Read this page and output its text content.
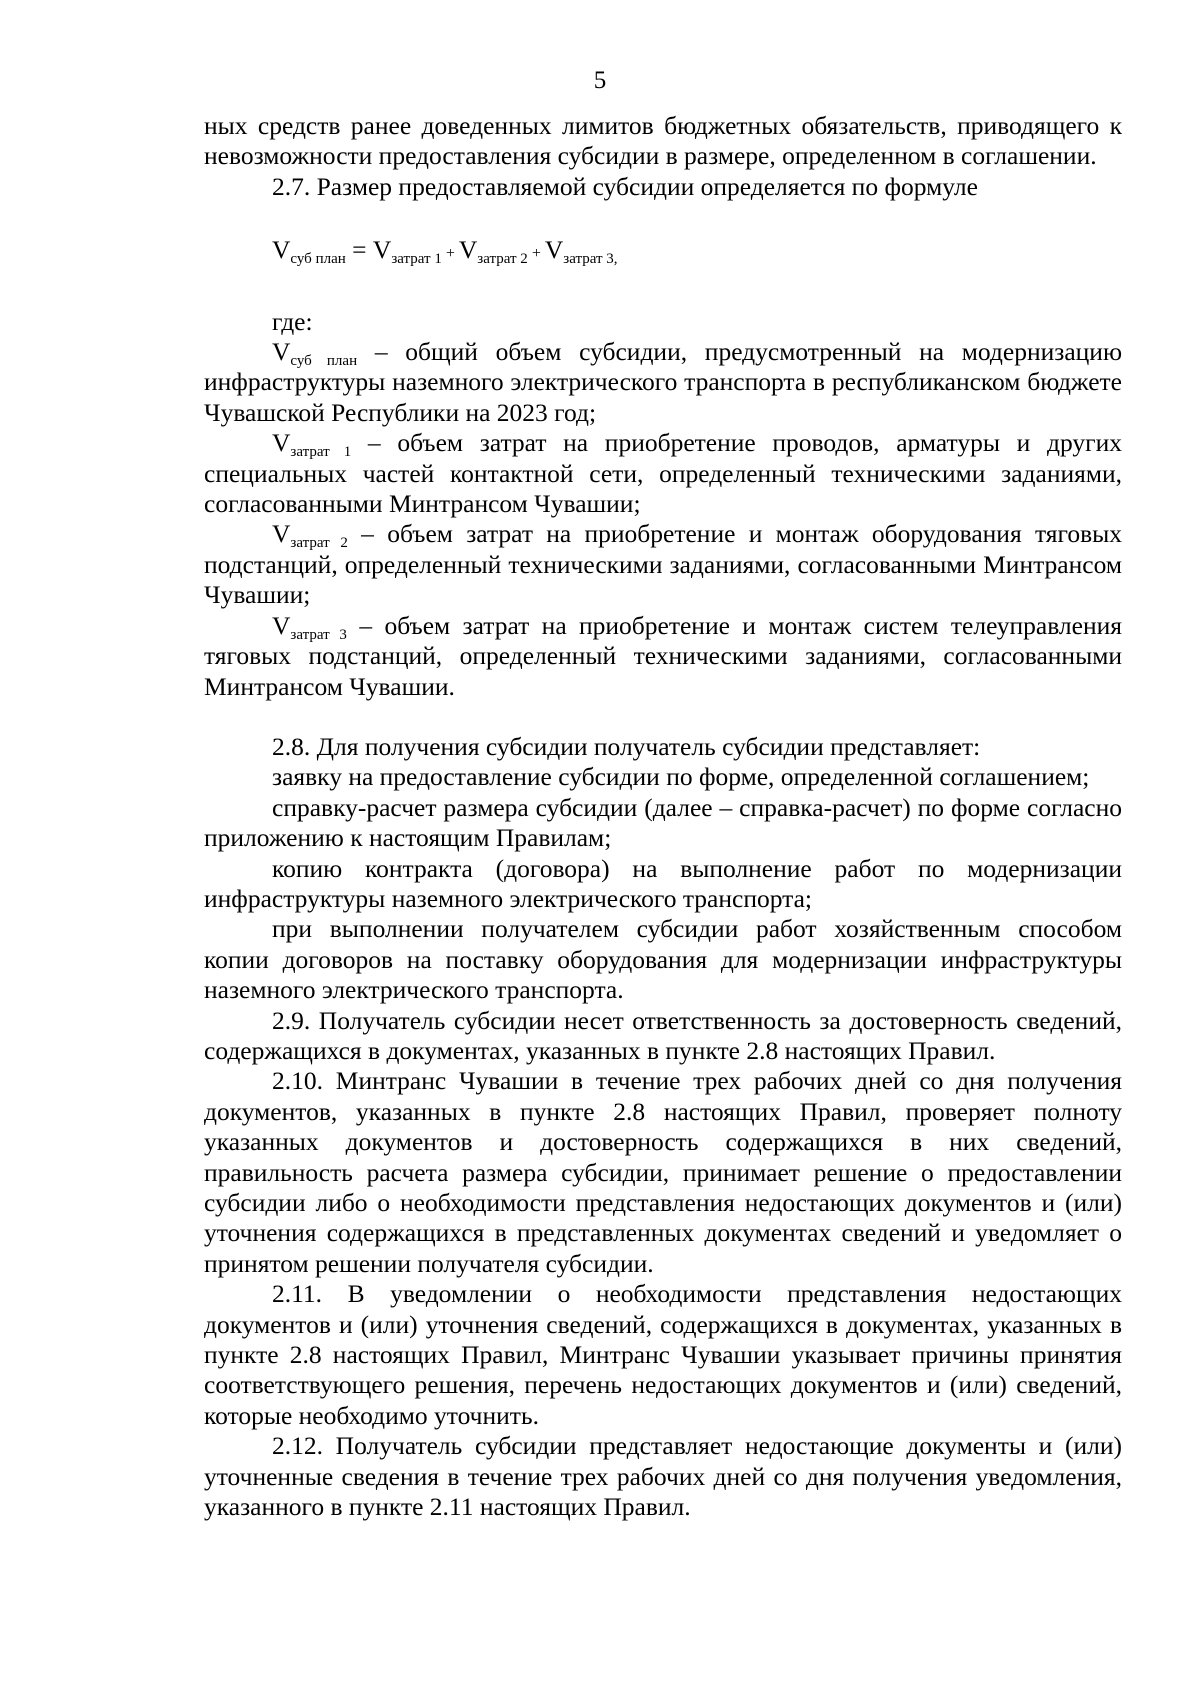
5

ных средств ранее доведенных лимитов бюджетных обязательств, приводящего к невозможности предоставления субсидии в размере, определенном в соглашении.

2.7. Размер предоставляемой субсидии определяется по формуле

$V_{суб план} = V_{затрат 1} + V_{затрат 2} + V_{затрат 3,}$

где:

$V_{суб план}$ – общий объем субсидии, предусмотренный на модернизацию инфраструктуры наземного электрического транспорта в республиканском бюджете Чувашской Республики на 2023 год;

$V_{затрат 1}$ – объем затрат на приобретение проводов, арматуры и других специальных частей контактной сети, определенный техническими заданиями, согласованными Минтрансом Чувашии;

$V_{затрат 2}$ – объем затрат на приобретение и монтаж оборудования тяговых подстанций, определенный техническими заданиями, согласованными Минтрансом Чувашии;

$V_{затрат 3}$ – объем затрат на приобретение и монтаж систем телеуправления тяговых подстанций, определенный техническими заданиями, согласованными Минтрансом Чувашии.

2.8. Для получения субсидии получатель субсидии представляет:

заявку на предоставление субсидии по форме, определенной соглашением;

справку-расчет размера субсидии (далее – справка-расчет) по форме согласно приложению к настоящим Правилам;

копию контракта (договора) на выполнение работ по модернизации инфраструктуры наземного электрического транспорта;

при выполнении получателем субсидии работ хозяйственным способом копии договоров на поставку оборудования для модернизации инфраструктуры наземного электрического транспорта.

2.9. Получатель субсидии несет ответственность за достоверность сведений, содержащихся в документах, указанных в пункте 2.8 настоящих Правил.

2.10. Минтранс Чувашии в течение трех рабочих дней со дня получения документов, указанных в пункте 2.8 настоящих Правил, проверяет полноту указанных документов и достоверность содержащихся в них сведений, правильность расчета размера субсидии, принимает решение о предоставлении субсидии либо о необходимости представления недостающих документов и (или) уточнения содержащихся в представленных документах сведений и уведомляет о принятом решении получателя субсидии.

2.11. В уведомлении о необходимости представления недостающих документов и (или) уточнения сведений, содержащихся в документах, указанных в пункте 2.8 настоящих Правил, Минтранс Чувашии указывает причины принятия соответствующего решения, перечень недостающих документов и (или) сведений, которые необходимо уточнить.

2.12. Получатель субсидии представляет недостающие документы и (или) уточненные сведения в течение трех рабочих дней со дня получения уведомления, указанного в пункте 2.11 настоящих Правил.
